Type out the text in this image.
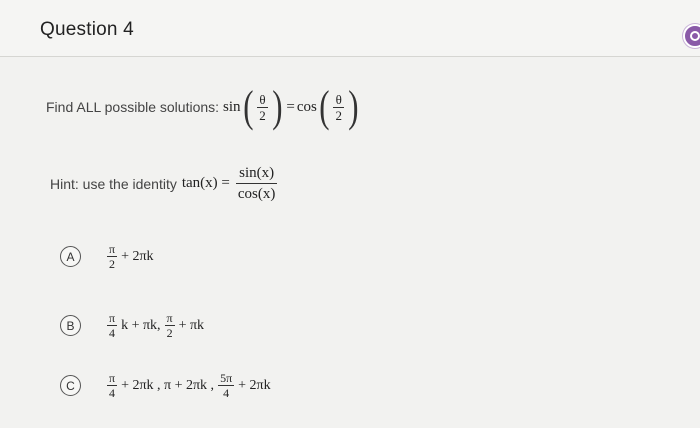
Question 4
Find ALL possible solutions: sin ( $\frac{\theta}{2}$ ) = cos ( $\frac{\theta}{2}$ )
Hint: use the identity $\tan(x) = \frac{\sin(x)}{\cos(x)}$
A	$\frac{\pi}{2} + 2\pi k$
B	$\frac{\pi}{4}$ k + πk, $\frac{\pi}{2} + \pi k$
C	$\frac{\pi}{4} + 2\pi k$ , π + 2πk , $\frac{5\pi}{4} + 2\pi k$
